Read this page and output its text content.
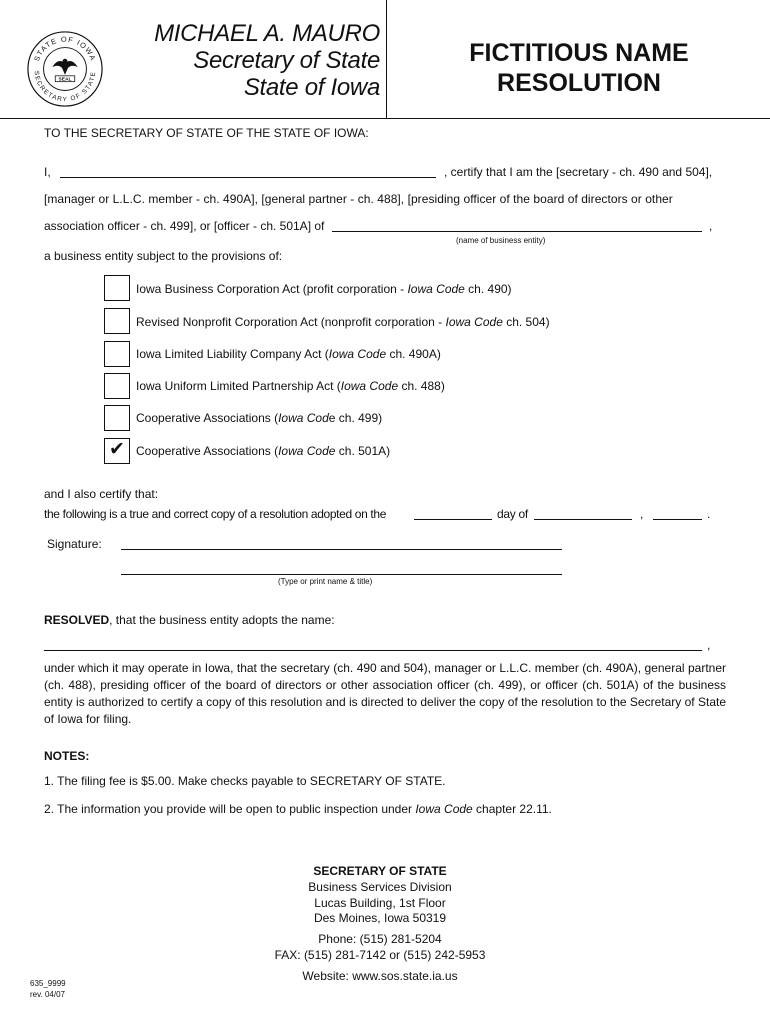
STATE OF IOWA
SECRETARY OF STATE
SEAL
MICHAEL A. MAURO
Secretary of State
State of Iowa
FICTITIOUS NAME
RESOLUTION
TO THE SECRETARY OF STATE OF THE STATE OF IOWA:
I,	, certify that I am the [secretary - ch. 490 and 504],
[manager or L.L.C. member - ch. 490A], [general partner - ch. 488], [presiding officer of the board of directors or other
association officer - ch. 499], or [officer - ch. 501A] of	,
(name of business entity)
a business entity subject to the provisions of:
Iowa Business Corporation Act (profit corporation - Iowa Code ch. 490)
Revised Nonprofit Corporation Act (nonprofit corporation - Iowa Code ch. 504)
Iowa Limited Liability Company Act (Iowa Code ch. 490A)
Iowa Uniform Limited Partnership Act (Iowa Code ch. 488)
Cooperative Associations (Iowa Code ch. 499)
✔ Cooperative Associations (Iowa Code ch. 501A)
and I also certify that:
the following is a true and correct copy of a resolution adopted on the	day of	,	.
Signature:
(Type or print name & title)
RESOLVED, that the business entity adopts the name:
,
under which it may operate in Iowa, that the secretary (ch. 490 and 504), manager or L.L.C. member (ch. 490A), general partner (ch. 488), presiding officer of the board of directors or other association officer (ch. 499), or officer (ch. 501A) of the business entity is authorized to certify a copy of this resolution and is directed to deliver the copy of the resolution to the Secretary of State of Iowa for filing.
NOTES:
1. The filing fee is $5.00. Make checks payable to SECRETARY OF STATE.
2. The information you provide will be open to public inspection under Iowa Code chapter 22.11.
SECRETARY OF STATE
Business Services Division
Lucas Building, 1st Floor
Des Moines, Iowa 50319
Phone: (515) 281-5204
FAX: (515) 281-7142 or (515) 242-5953
Website: www.sos.state.ia.us
635_9999
rev. 04/07
